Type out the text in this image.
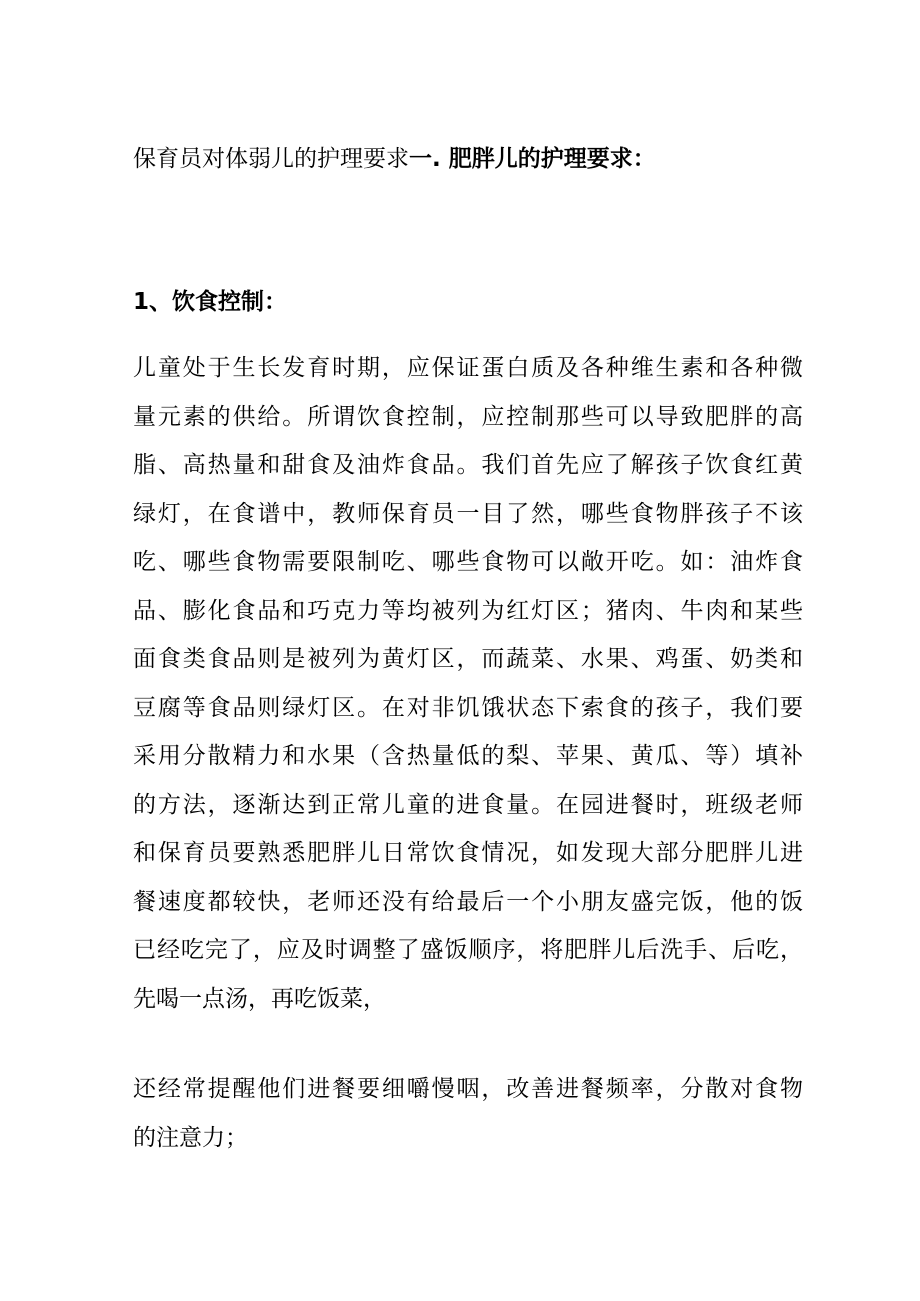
保育员对体弱儿的护理要求一. 肥胖儿的护理要求：
1、饮食控制：
儿童处于生长发育时期，应保证蛋白质及各种维生素和各种微
量元素的供给。所谓饮食控制，应控制那些可以导致肥胖的高
脂、高热量和甜食及油炸食品。我们首先应了解孩子饮食红黄
绿灯，在食谱中，教师保育员一目了然，哪些食物胖孩子不该
吃、哪些食物需要限制吃、哪些食物可以敞开吃。如：油炸食
品、膨化食品和巧克力等均被列为红灯区；猪肉、牛肉和某些
面食类食品则是被列为黄灯区，而蔬菜、水果、鸡蛋、奶类和
豆腐等食品则绿灯区。在对非饥饿状态下索食的孩子，我们要
采用分散精力和水果（含热量低的梨、苹果、黄瓜、等）填补
的方法，逐渐达到正常儿童的进食量。在园进餐时，班级老师
和保育员要熟悉肥胖儿日常饮食情况，如发现大部分肥胖儿进
餐速度都较快，老师还没有给最后一个小朋友盛完饭，他的饭
已经吃完了，应及时调整了盛饭顺序，将肥胖儿后洗手、后吃，
先喝一点汤，再吃饭菜，
还经常提醒他们进餐要细嚼慢咽，改善进餐频率，分散对食物
的注意力；
